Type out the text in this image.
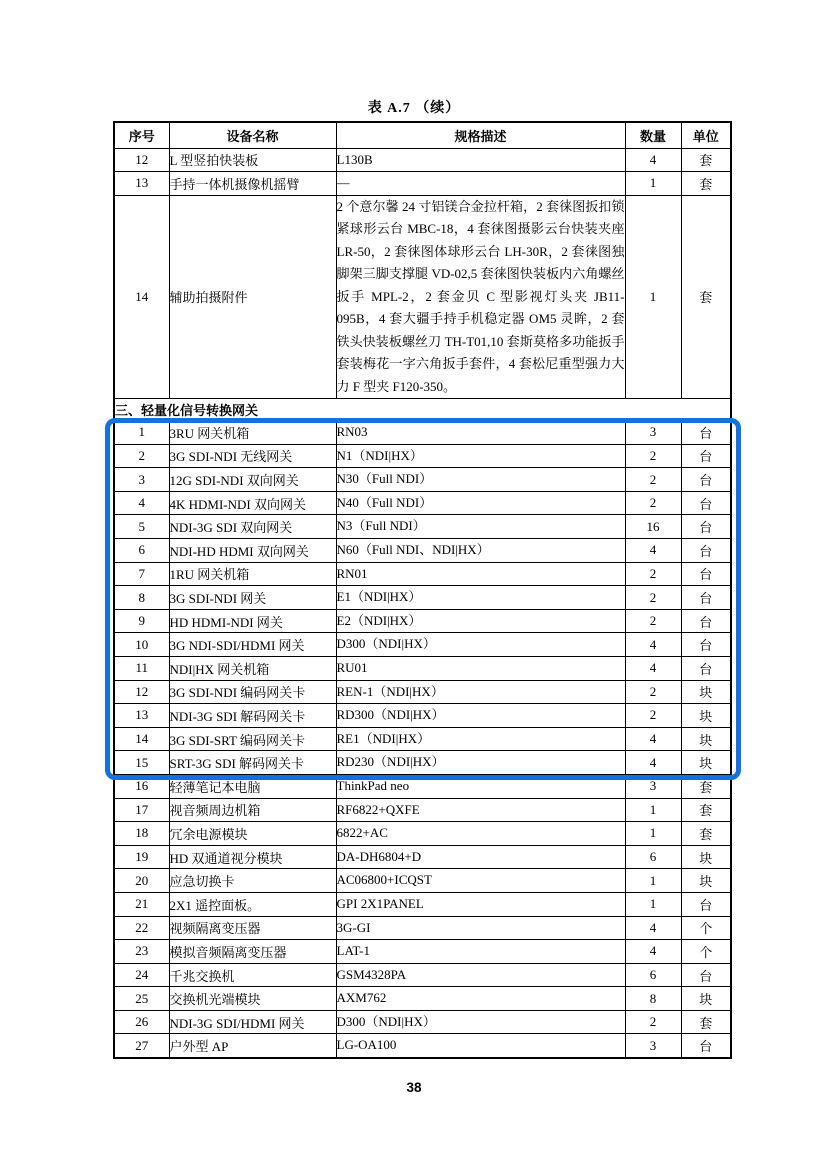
表 A.7 （续）
序号	设备名称	规格描述	数量	单位
12	L 型竖拍快装板	L130B	4	套
13	手持一体机摄像机摇臂	—	1	套
14	辅助拍摄附件	2 个意尔馨 24 寸铝镁合金拉杆箱，2 套徕图扳扣锁紧球形云台 MBC-18，4 套徕图摄影云台快装夹座 LR-50，2 套徕图体球形云台 LH-30R，2 套徕图独脚架三脚支撑腿 VD-02,5 套徕图快装板内六角螺丝扳手 MPL-2，2 套金贝 C 型影视灯头夹 JB11-095B，4 套大疆手持手机稳定器 OM5 灵眸，2 套铁头快装板螺丝刀 TH-T01,10 套斯莫格多功能扳手套装梅花一字六角扳手套件，4 套松尼重型强力大力 F 型夹 F120-350。	1	套
三、轻量化信号转换网关				
1	3RU 网关机箱	RN03	3	台
2	3G SDI-NDI 无线网关	N1（NDI|HX）	2	台
3	12G SDI-NDI 双向网关	N30（Full NDI）	2	台
4	4K HDMI-NDI 双向网关	N40（Full NDI）	2	台
5	NDI-3G SDI 双向网关	N3（Full NDI）	16	台
6	NDI-HD HDMI 双向网关	N60（Full NDI、NDI|HX）	4	台
7	1RU 网关机箱	RN01	2	台
8	3G SDI-NDI 网关	E1（NDI|HX）	2	台
9	HD HDMI-NDI 网关	E2（NDI|HX）	2	台
10	3G NDI-SDI/HDMI 网关	D300（NDI|HX）	4	台
11	NDI|HX 网关机箱	RU01	4	台
12	3G SDI-NDI 编码网关卡	REN-1（NDI|HX）	2	块
13	NDI-3G SDI 解码网关卡	RD300（NDI|HX）	2	块
14	3G SDI-SRT 编码网关卡	RE1（NDI|HX）	4	块
15	SRT-3G SDI 解码网关卡	RD230（NDI|HX）	4	块
16	轻薄笔记本电脑	ThinkPad neo	3	套
17	视音频周边机箱	RF6822+QXFE	1	套
18	冗余电源模块	6822+AC	1	套
19	HD 双通道视分模块	DA-DH6804+D	6	块
20	应急切换卡	AC06800+ICQST	1	块
21	2X1 遥控面板。	GPI 2X1PANEL	1	台
22	视频隔离变压器	3G-GI	4	个
23	模拟音频隔离变压器	LAT-1	4	个
24	千兆交换机	GSM4328PA	6	台
25	交换机光端模块	AXM762	8	块
26	NDI-3G SDI/HDMI 网关	D300（NDI|HX）	2	套
27	户外型 AP	LG-OA100	3	台
38
